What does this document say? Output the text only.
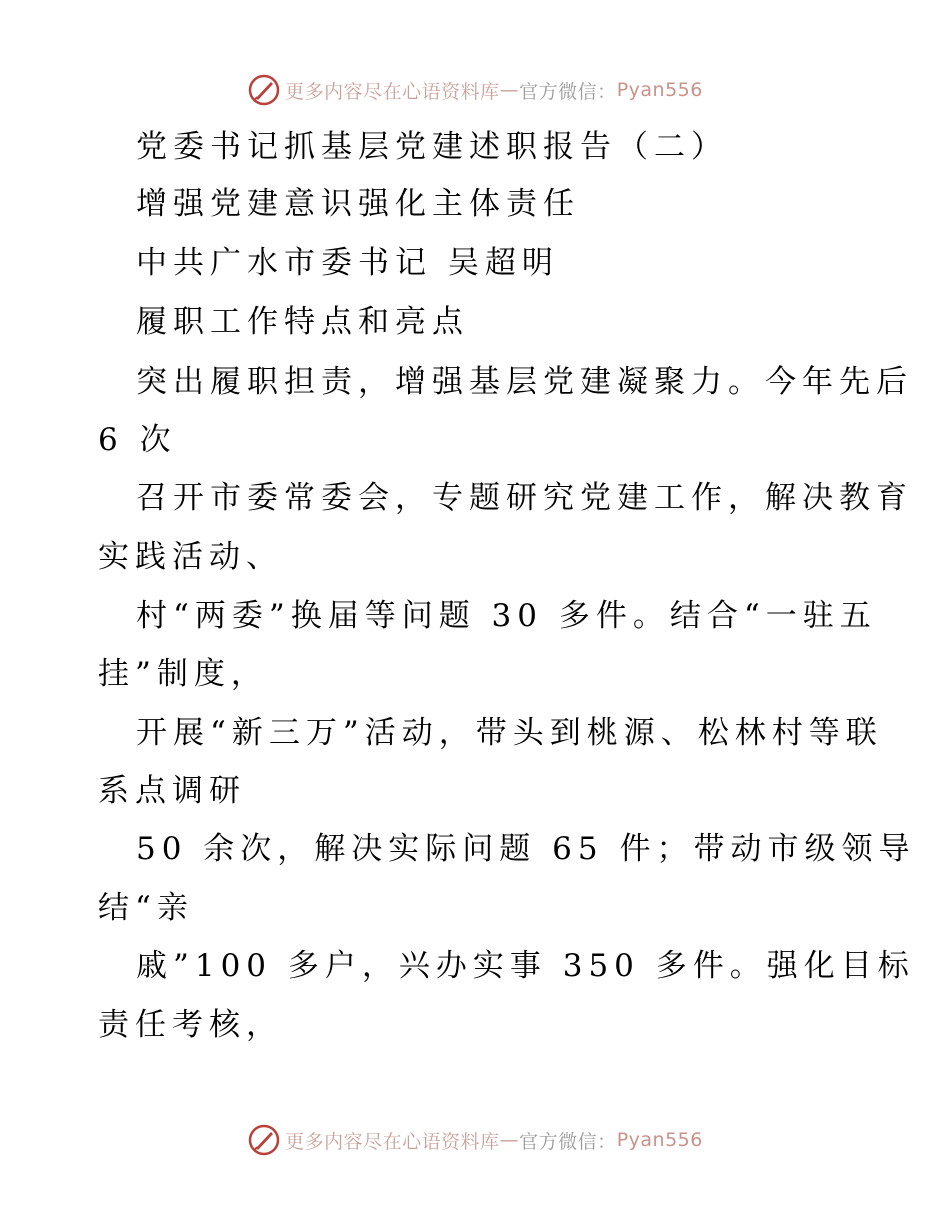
更多内容尽在心语资料库 — 官方微信： Pyan556
党委书记抓基层党建述职报告（二）
增强党建意识强化主体责任
中共广水市委书记 吴超明
履职工作特点和亮点
突出履职担责，增强基层党建凝聚力。今年先后
6 次
召开市委常委会，专题研究党建工作，解决教育
实践活动、
村“两委”换届等问题 30 多件。结合“一驻五
挂”制度，
开展“新三万”活动，带头到桃源、松林村等联
系点调研
50 余次，解决实际问题 65 件；带动市级领导
结“亲
戚”100 多户，兴办实事 350 多件。强化目标
责任考核，
更多内容尽在心语资料库 — 官方微信： Pyan556
